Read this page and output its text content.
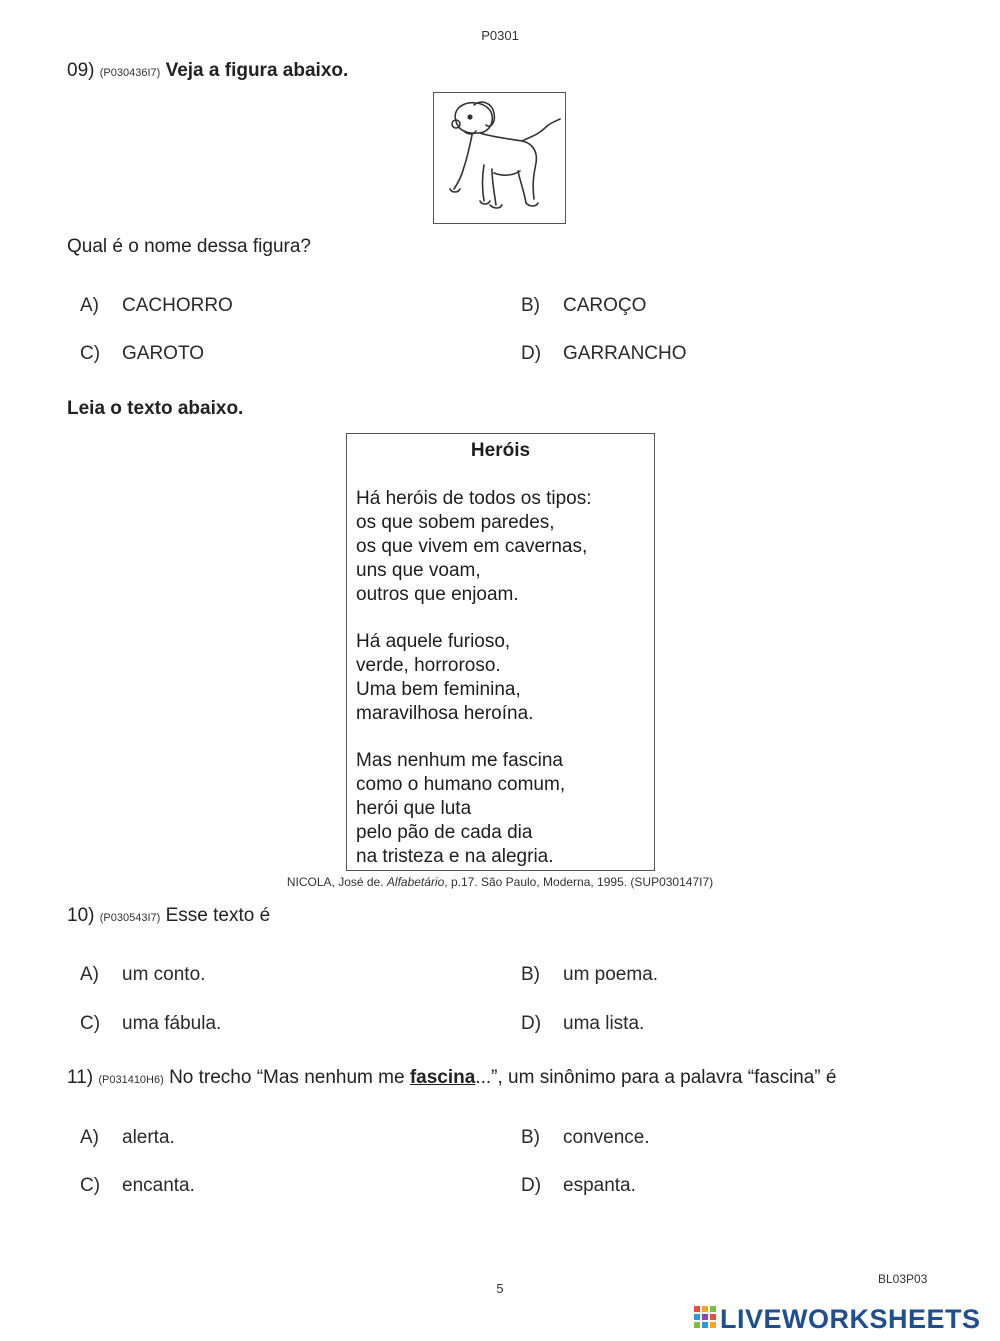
P0301
09) (P030436I7) Veja a figura abaixo.
Qual é o nome dessa figura?
A) CACHORRO	B) CAROÇO
C) GAROTO	D) GARRANCHO
Leia o texto abaixo.
Heróis
Há heróis de todos os tipos:
os que sobem paredes,
os que vivem em cavernas,
uns que voam,
outros que enjoam.
Há aquele furioso,
verde, horroroso.
Uma bem feminina,
maravilhosa heroína.
Mas nenhum me fascina
como o humano comum,
herói que luta
pelo pão de cada dia
na tristeza e na alegria.
NICOLA, José de. Alfabetário, p.17. São Paulo, Moderna, 1995. (SUP030147I7)
10) (P030543I7) Esse texto é
A) um conto.	B) um poema.
C) uma fábula.	D) uma lista.
11) (P031410H6) No trecho “Mas nenhum me fascina...”, um sinônimo para a palavra “fascina” é
A) alerta.	B) convence.
C) encanta.	D) espanta.
BL03P03
5
LIVEWORKSHEETS
